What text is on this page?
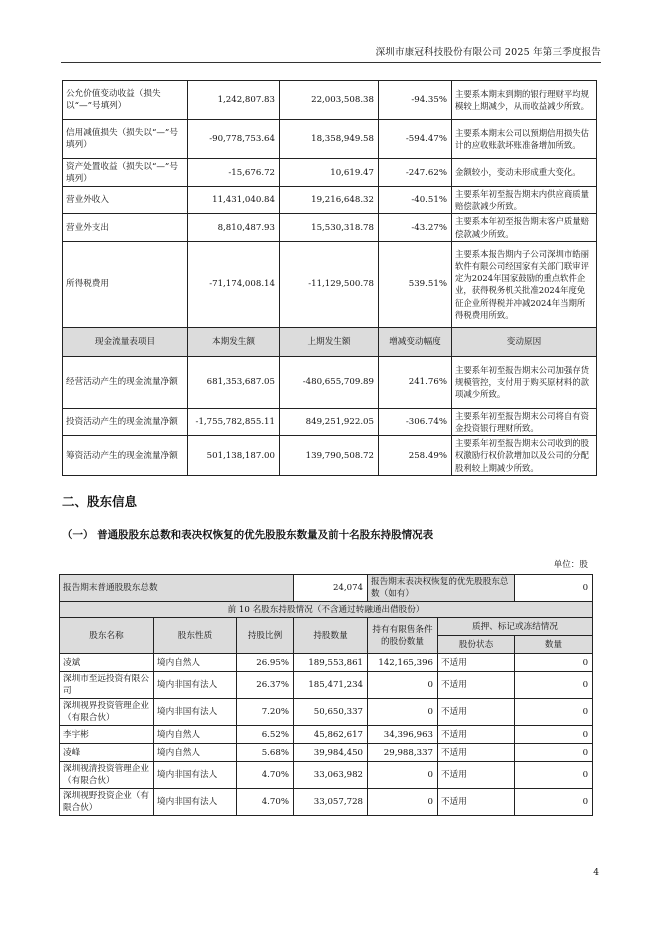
深圳市康冠科技股份有限公司 2025 年第三季度报告
公允价值变动收益（损失以“—”号填列）	1,242,807.83	22,003,508.38	-94.35%	主要系本期末到期的银行理财平均规模较上期减少，从而收益减少所致。
信用减值损失（损失以“—”号填列）	-90,778,753.64	18,358,949.58	-594.47%	主要系本期末公司以预期信用损失估计的应收账款坏账准备增加所致。
资产处置收益（损失以“—”号填列）	-15,676.72	10,619.47	-247.62%	金额较小，变动未形成重大变化。
营业外收入	11,431,040.84	19,216,648.32	-40.51%	主要系年初至报告期末内供应商质量赔偿款减少所致。
营业外支出	8,810,487.93	15,530,318.78	-43.27%	主要系本年初至报告期末客户质量赔偿款减少所致。
所得税费用	-71,174,008.14	-11,129,500.78	539.51%	主要系本报告期内子公司深圳市皓丽软件有限公司经国家有关部门联审评定为2024年国家鼓励的重点软件企业，获得税务机关批准2024年度免征企业所得税并冲减2024年当期所得税费用所致。
现金流量表项目	本期发生额	上期发生额	增减变动幅度	变动原因
经营活动产生的现金流量净额	681,353,687.05	-480,655,709.89	241.76%	主要系年初至报告期末公司加强存货规模管控，支付用于购买原材料的款项减少所致。
投资活动产生的现金流量净额	-1,755,782,855.11	849,251,922.05	-306.74%	主要系年初至报告期末公司将自有资金投资银行理财所致。
筹资活动产生的现金流量净额	501,138,187.00	139,790,508.72	258.49%	主要系年初至报告期末公司收到的股权激励行权价款增加以及公司的分配股利较上期减少所致。
二、股东信息
（一） 普通股股东总数和表决权恢复的优先股股东数量及前十名股东持股情况表
单位：股
报告期末普通股股东总数			24,074	报告期末表决权恢复的优先股股东总数（如有）		0
前 10 名股东持股情况（不含通过转融通出借股份）						
股东名称	股东性质	持股比例	持股数量	持有有限售条件的股份数量	质押、标记或冻结情况	
					股份状态	数量
凌斌	境内自然人	26.95%	189,553,861	142,165,396	不适用	0
深圳市至远投资有限公司	境内非国有法人	26.37%	185,471,234	0	不适用	0
深圳视界投资管理企业（有限合伙）	境内非国有法人	7.20%	50,650,337	0	不适用	0
李宇彬	境内自然人	6.52%	45,862,617	34,396,963	不适用	0
凌峰	境内自然人	5.68%	39,984,450	29,988,337	不适用	0
深圳视清投资管理企业（有限合伙）	境内非国有法人	4.70%	33,063,982	0	不适用	0
深圳视野投资企业（有限合伙）	境内非国有法人	4.70%	33,057,728	0	不适用	0
4
